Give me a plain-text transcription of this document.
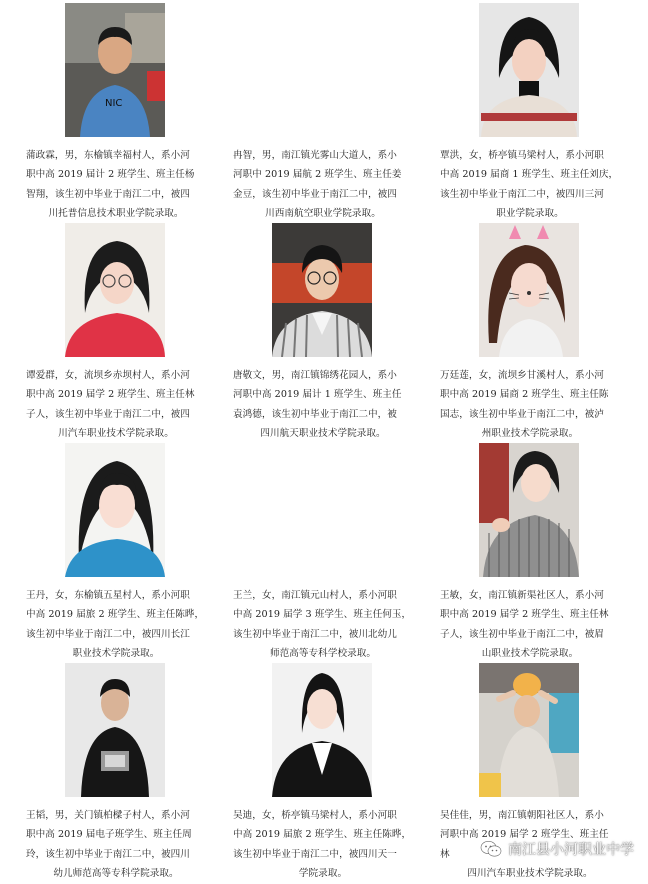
NIC
蒲政霖，男，东榆镇幸福村人，系小河
职中高 2019 届计 2 班学生、班主任杨
智翔，该生初中毕业于南江二中，被四
川托普信息技术职业学院录取。
冉智，男，南江镇光雾山大道人，系小
河职中 2019 届航 2 班学生、班主任姜
金豆，该生初中毕业于南江二中，被四
川西南航空职业学院录取。
覃洪，女，桥亭镇马梁村人，系小河职
中高 2019 届商 1 班学生、班主任刘庆，
该生初中毕业于南江二中，被四川三河
职业学院录取。
谭爱群，女，流坝乡赤坝村人，系小河
职中高 2019 届学 2 班学生、班主任林
子人，该生初中毕业于南江二中，被四
川汽车职业技术学院录取。
唐敬文，男，南江镇锦绣花园人，系小
河职中高 2019 届计 1 班学生、班主任
袁鸿德，该生初中毕业于南江二中，被
四川航天职业技术学院录取。
万廷莲，女，流坝乡甘溪村人，系小河
职中高 2019 届商 2 班学生、班主任陈
国志，该生初中毕业于南江二中，被泸
州职业技术学院录取。
王丹，女，东榆镇五星村人，系小河职
中高 2019 届旅 2 班学生、班主任陈晔，
该生初中毕业于南江二中，被四川长江
职业技术学院录取。
王兰，女，南江镇元山村人，系小河职
中高 2019 届学 3 班学生、班主任何玉，
该生初中毕业于南江二中，被川北幼儿
师范高等专科学校录取。
王敏，女，南江镇新渠社区人，系小河
职中高 2019 届学 2 班学生、班主任林
子人，该生初中毕业于南江二中，被眉
山职业技术学院录取。
王韬，男，关门镇柏樑子村人，系小河
职中高 2019 届电子班学生、班主任周
玲，该生初中毕业于南江二中，被四川
幼儿师范高等专科学院录取。
吴迪，女，桥亭镇马梁村人，系小河职
中高 2019 届旅 2 班学生、班主任陈晔，
该生初中毕业于南江二中，被四川天一
学院录取。
吴佳佳，男，南江镇朝阳社区人，系小
河职中高 2019 届学 2 班学生、班主任
林
四川汽车职业技术学院录取。
南江县小河职业中学
